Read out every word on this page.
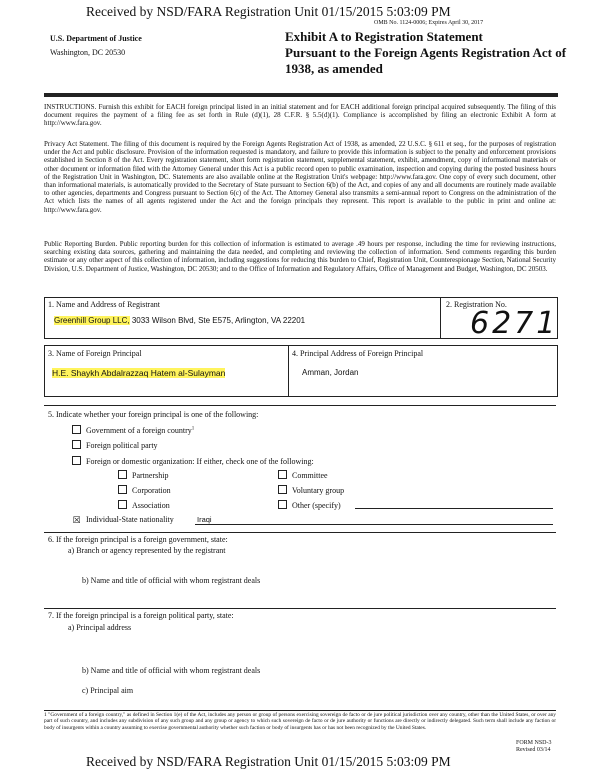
Received by NSD/FARA Registration Unit 01/15/2015 5:03:09 PM
OMB No. 1124-0006; Expires April 30, 2017
U.S. Department of Justice
Washington, DC 20530
Exhibit A to Registration Statement
Pursuant to the Foreign Agents Registration Act of
1938, as amended
INSTRUCTIONS. Furnish this exhibit for EACH foreign principal listed in an initial statement and for EACH additional foreign principal acquired subsequently. The filing of this document requires the payment of a filing fee as set forth in Rule (d)(1), 28 C.F.R. § 5.5(d)(1). Compliance is accomplished by filing an electronic Exhibit A form at http://www.fara.gov.
Privacy Act Statement. The filing of this document is required by the Foreign Agents Registration Act of 1938, as amended, 22 U.S.C. § 611 et seq., for the purposes of registration under the Act and public disclosure. Provision of the information requested is mandatory, and failure to provide this information is subject to the penalty and enforcement provisions established in Section 8 of the Act. Every registration statement, short form registration statement, supplemental statement, exhibit, amendment, copy of informational materials or other document or information filed with the Attorney General under this Act is a public record open to public examination, inspection and copying during the posted business hours of the Registration Unit in Washington, DC. Statements are also available online at the Registration Unit's webpage: http://www.fara.gov. One copy of every such document, other than informational materials, is automatically provided to the Secretary of State pursuant to Section 6(b) of the Act, and copies of any and all documents are routinely made available to other agencies, departments and Congress pursuant to Section 6(c) of the Act. The Attorney General also transmits a semi-annual report to Congress on the administration of the Act which lists the names of all agents registered under the Act and the foreign principals they represent. This report is available to the public in print and online at: http://www.fara.gov.
Public Reporting Burden. Public reporting burden for this collection of information is estimated to average .49 hours per response, including the time for reviewing instructions, searching existing data sources, gathering and maintaining the data needed, and completing and reviewing the collection of information. Send comments regarding this burden estimate or any other aspect of this collection of information, including suggestions for reducing this burden to Chief, Registration Unit, Counterespionage Section, National Security Division, U.S. Department of Justice, Washington, DC 20530; and to the Office of Information and Regulatory Affairs, Office of Management and Budget, Washington, DC 20503.
1. Name and Address of Registrant
Greenhill Group LLC, 3033 Wilson Blvd, Ste E575, Arlington, VA 22201
2. Registration No.
6271
3. Name of Foreign Principal
H.E. Shaykh Abdalrazzaq Hatem al-Sulayman
4. Principal Address of Foreign Principal
Amman, Jordan
5. Indicate whether your foreign principal is one of the following:
Government of a foreign country$^1$
Foreign political party
Foreign or domestic organization: If either, check one of the following:
Partnership	Committee
Corporation	Voluntary group
Association	Other (specify)
☒ Individual-State nationality	Iraqi
6. If the foreign principal is a foreign government, state:
a) Branch or agency represented by the registrant
b) Name and title of official with whom registrant deals
7. If the foreign principal is a foreign political party, state:
a) Principal address
b) Name and title of official with whom registrant deals
c) Principal aim
1 "Government of a foreign country," as defined in Section 1(e) of the Act, includes any person or group of persons exercising sovereign de facto or de jure political jurisdiction over any country, other than the United States, or over any part of such country, and includes any subdivision of any such group and any group or agency to which such sovereign de facto or de jure authority or functions are directly or indirectly delegated. Such term shall include any faction or body of insurgents within a country assuming to exercise governmental authority whether such faction or body of insurgents has or has not been recognized by the United States.
FORM NSD-3
Revised 03/14
Received by NSD/FARA Registration Unit 01/15/2015 5:03:09 PM
